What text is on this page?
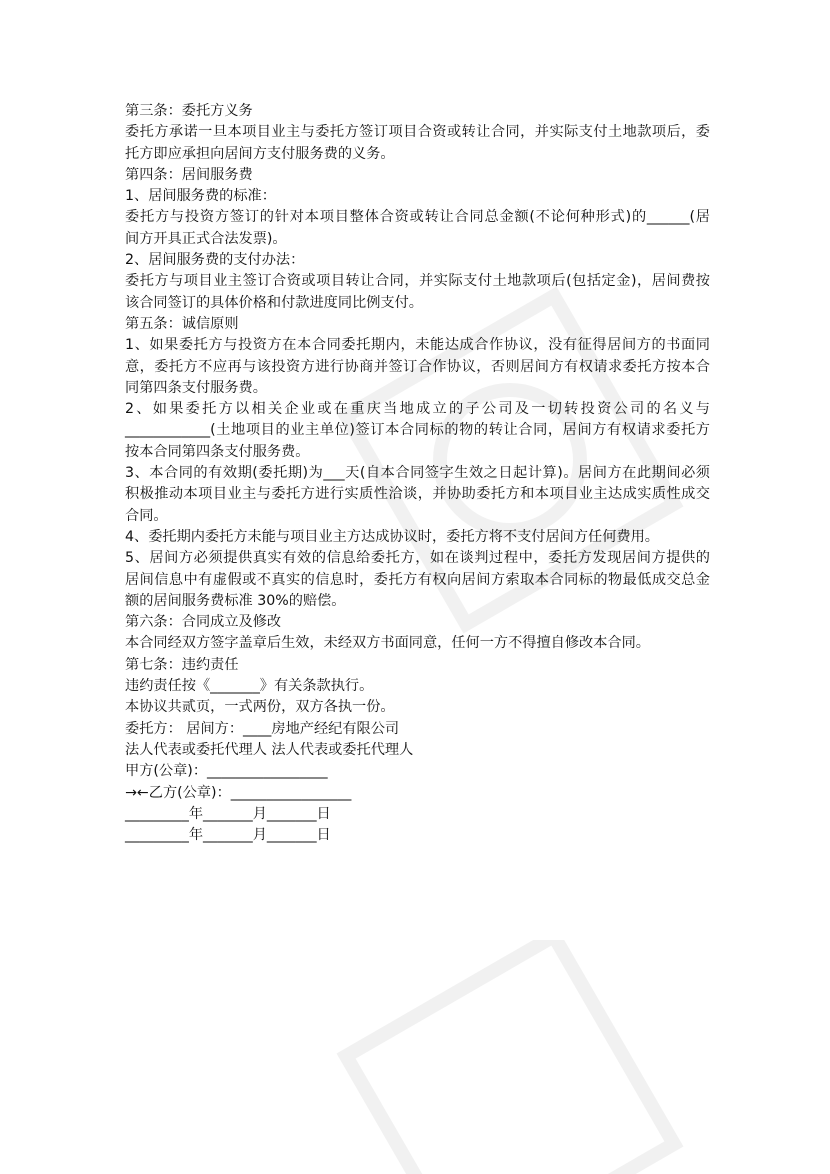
第三条：委托方义务
委托方承诺一旦本项目业主与委托方签订项目合资或转让合同，并实际支付土地款项后，委
托方即应承担向居间方支付服务费的义务。
第四条：居间服务费
1、居间服务费的标准：
委托方与投资方签订的针对本项目整体合资或转让合同总金额(不论何种形式)的______(居
间方开具正式合法发票)。
2、居间服务费的支付办法：
委托方与项目业主签订合资或项目转让合同，并实际支付土地款项后(包括定金)，居间费按
该合同签订的具体价格和付款进度同比例支付。
第五条：诚信原则
1、如果委托方与投资方在本合同委托期内，未能达成合作协议，没有征得居间方的书面同
意，委托方不应再与该投资方进行协商并签订合作协议，否则居间方有权请求委托方按本合
同第四条支付服务费。
2、如果委托方以相关企业或在重庆当地成立的子公司及一切转投资公司的名义与
____________(土地项目的业主单位)签订本合同标的物的转让合同，居间方有权请求委托方
按本合同第四条支付服务费。
3、本合同的有效期(委托期)为___天(自本合同签字生效之日起计算)。居间方在此期间必须
积极推动本项目业主与委托方进行实质性洽谈，并协助委托方和本项目业主达成实质性成交
合同。
4、委托期内委托方未能与项目业主方达成协议时，委托方将不支付居间方任何费用。
5、居间方必须提供真实有效的信息给委托方，如在谈判过程中，委托方发现居间方提供的
居间信息中有虚假或不真实的信息时，委托方有权向居间方索取本合同标的物最低成交总金
额的居间服务费标准 30%的赔偿。
第六条：合同成立及修改
本合同经双方签字盖章后生效，未经双方书面同意，任何一方不得擅自修改本合同。
第七条：违约责任
违约责任按《_______》有关条款执行。
本协议共贰页，一式两份，双方各执一份。
委托方： 居间方：____房地产经纪有限公司
法人代表或委托代理人 法人代表或委托代理人
甲方(公章)：_________________
→←乙方(公章)：_________________
_________年_______月_______日
_________年_______月_______日
